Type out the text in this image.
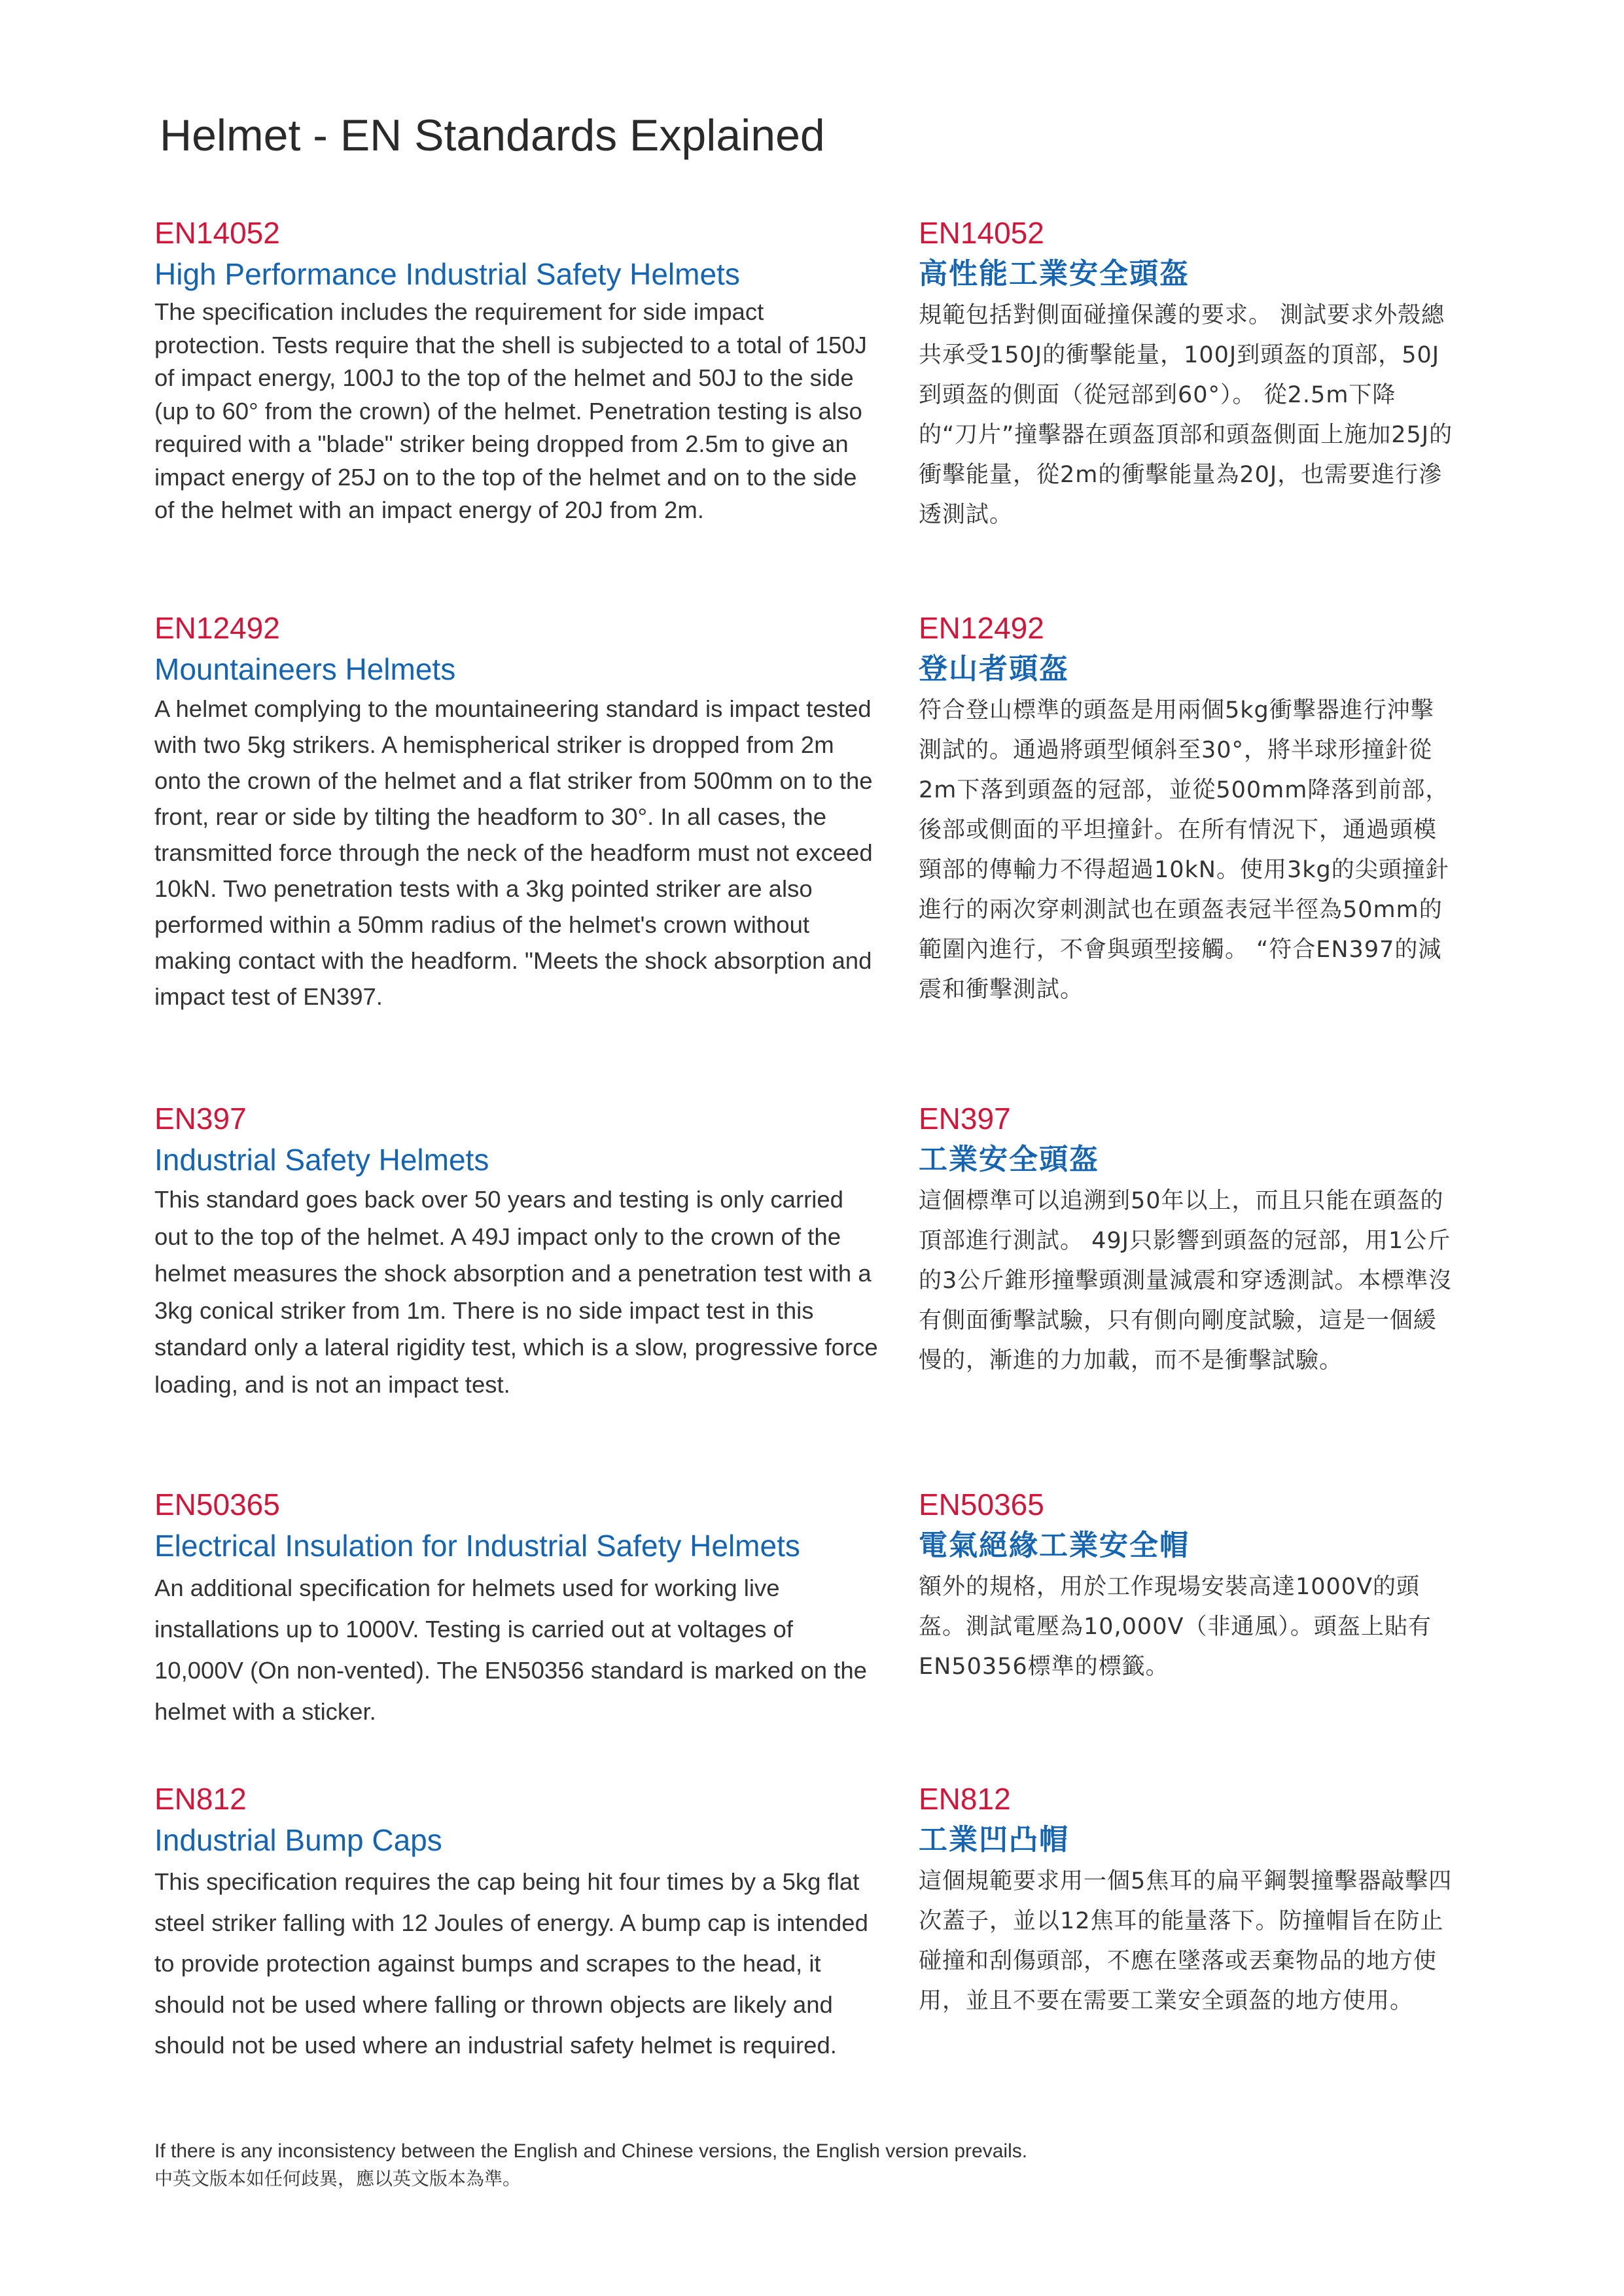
Helmet - EN Standards Explained

EN14052

High Performance Industrial Safety Helmets

The specification includes the requirement for side impact protection. Tests require that the shell is subjected to a total of 150J of impact energy, 100J to the top of the helmet and 50J to the side (up to 60° from the crown) of the helmet. Penetration testing is also required with a "blade" striker being dropped from 2.5m to give an impact energy of 25J on to the top of the helmet and on to the side of the helmet with an impact energy of 20J from 2m.

EN14052

高性能工業安全頭盔

規範包括對側面碰撞保護的要求。 測試要求外殼總共承受150J的衝擊能量，100J到頭盔的頂部，50J到頭盔的側面（從冠部到60°）。 從2.5m下降的“刀片”撞擊器在頭盔頂部和頭盔側面上施加25J的衝擊能量，從2m的衝擊能量為20J，也需要進行滲透測試。

EN12492

Mountaineers Helmets

A helmet complying to the mountaineering standard is impact tested with two 5kg strikers. A hemispherical striker is dropped from 2m onto the crown of the helmet and a flat striker from 500mm on to the front, rear or side by tilting the headform to 30°. In all cases, the transmitted force through the neck of the headform must not exceed 10kN. Two penetration tests with a 3kg pointed striker are also performed within a 50mm radius of the helmet's crown without making contact with the headform. "Meets the shock absorption and impact test of EN397.

EN12492

登山者頭盔

符合登山標準的頭盔是用兩個5kg衝擊器進行沖擊測試的。通過將頭型傾斜至30°，將半球形撞針從2m下落到頭盔的冠部，並從500mm降落到前部，後部或側面的平坦撞針。在所有情況下，通過頭模頸部的傳輸力不得超過10kN。使用3kg的尖頭撞針進行的兩次穿刺測試也在頭盔表冠半徑為50mm的範圍內進行，不會與頭型接觸。 “符合EN397的減震和衝擊測試。

EN397

Industrial Safety Helmets

This standard goes back over 50 years and testing is only carried out to the top of the helmet. A 49J impact only to the crown of the helmet measures the shock absorption and a penetration test with a 3kg conical striker from 1m. There is no side impact test in this standard only a lateral rigidity test, which is a slow, progressive force loading, and is not an impact test.

EN397

工業安全頭盔

這個標準可以追溯到50年以上，而且只能在頭盔的頂部進行測試。 49J只影響到頭盔的冠部，用1公斤的3公斤錐形撞擊頭測量減震和穿透測試。本標準沒有側面衝擊試驗，只有側向剛度試驗，這是一個緩慢的，漸進的力加載，而不是衝擊試驗。

EN50365

Electrical Insulation for Industrial Safety Helmets

An additional specification for helmets used for working live installations up to 1000V. Testing is carried out at voltages of 10,000V (On non-vented). The EN50356 standard is marked on the helmet with a sticker.

EN50365

電氣絕緣工業安全帽

額外的規格，用於工作現場安裝高達1000V的頭盔。測試電壓為10,000V（非通風）。頭盔上貼有EN50356標準的標籤。

EN812

Industrial Bump Caps

This specification requires the cap being hit four times by a 5kg flat steel striker falling with 12 Joules of energy. A bump cap is intended to provide protection against bumps and scrapes to the head, it should not be used where falling or thrown objects are likely and should not be used where an industrial safety helmet is required.

EN812

工業凹凸帽

這個規範要求用一個5焦耳的扁平鋼製撞擊器敲擊四次蓋子，並以12焦耳的能量落下。防撞帽旨在防止碰撞和刮傷頭部，不應在墜落或丟棄物品的地方使用，並且不要在需要工業安全頭盔的地方使用。

If there is any inconsistency between the English and Chinese versions, the English version prevails.

中英文版本如任何歧異，應以英文版本為準。
